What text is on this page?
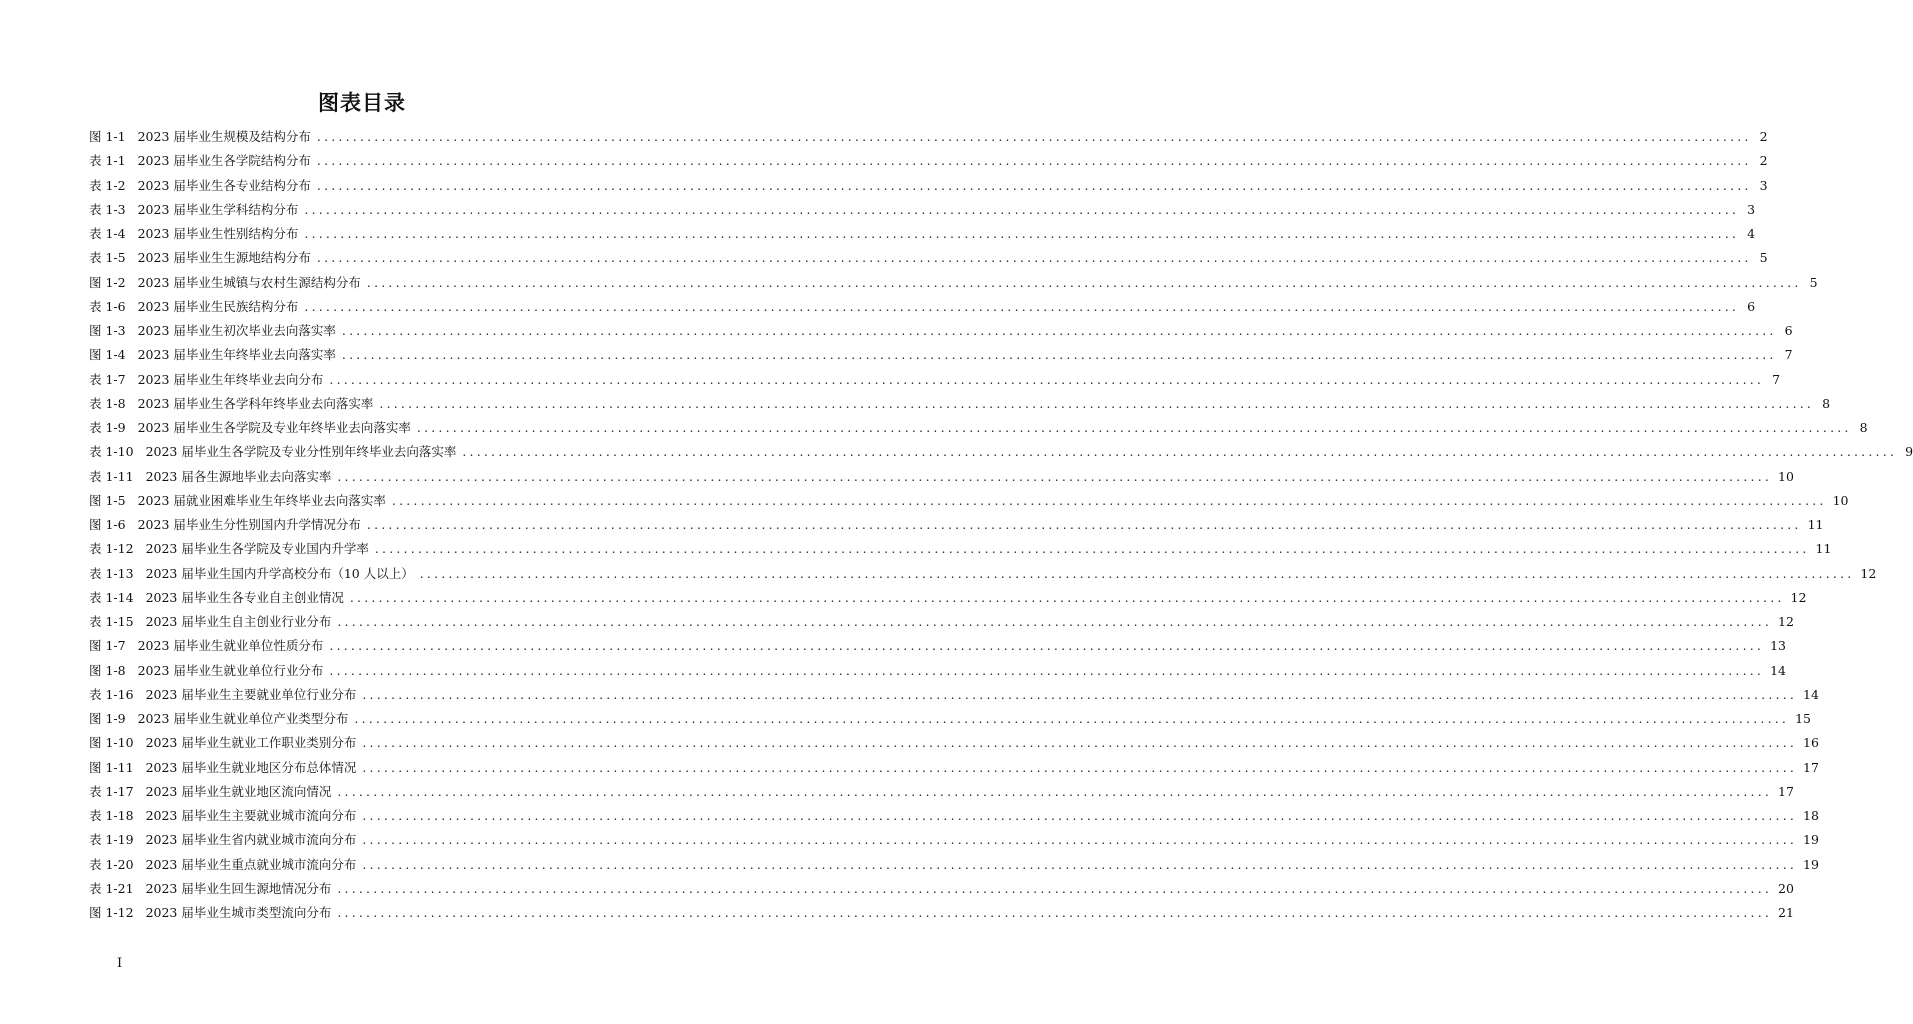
图表目录
图 1-1 2023 届毕业生规模及结构分布 ........................................................................................................................................................................................................ 2
表 1-1 2023 届毕业生各学院结构分布 ........................................................................................................................................................................................................ 2
表 1-2 2023 届毕业生各专业结构分布 ........................................................................................................................................................................................................ 3
表 1-3 2023 届毕业生学科结构分布 ........................................................................................................................................................................................................ 3
表 1-4 2023 届毕业生性别结构分布 ........................................................................................................................................................................................................ 4
表 1-5 2023 届毕业生生源地结构分布 ........................................................................................................................................................................................................ 5
图 1-2 2023 届毕业生城镇与农村生源结构分布 ........................................................................................................................................................................................................ 5
表 1-6 2023 届毕业生民族结构分布 ........................................................................................................................................................................................................ 6
图 1-3 2023 届毕业生初次毕业去向落实率 ........................................................................................................................................................................................................ 6
图 1-4 2023 届毕业生年终毕业去向落实率 ........................................................................................................................................................................................................ 7
表 1-7 2023 届毕业生年终毕业去向分布 ........................................................................................................................................................................................................ 7
表 1-8 2023 届毕业生各学科年终毕业去向落实率 ........................................................................................................................................................................................................ 8
表 1-9 2023 届毕业生各学院及专业年终毕业去向落实率 ........................................................................................................................................................................................................ 8
表 1-10 2023 届毕业生各学院及专业分性别年终毕业去向落实率 ........................................................................................................................................................................................................ 9
表 1-11 2023 届各生源地毕业去向落实率 ........................................................................................................................................................................................................ 10
图 1-5 2023 届就业困难毕业生年终毕业去向落实率 ........................................................................................................................................................................................................ 10
图 1-6 2023 届毕业生分性别国内升学情况分布 ........................................................................................................................................................................................................ 11
表 1-12 2023 届毕业生各学院及专业国内升学率 ........................................................................................................................................................................................................ 11
表 1-13 2023 届毕业生国内升学高校分布（10 人以上） ........................................................................................................................................................................................................ 12
表 1-14 2023 届毕业生各专业自主创业情况 ........................................................................................................................................................................................................ 12
表 1-15 2023 届毕业生自主创业行业分布 ........................................................................................................................................................................................................ 12
图 1-7 2023 届毕业生就业单位性质分布 ........................................................................................................................................................................................................ 13
图 1-8 2023 届毕业生就业单位行业分布 ........................................................................................................................................................................................................ 14
表 1-16 2023 届毕业生主要就业单位行业分布 ........................................................................................................................................................................................................ 14
图 1-9 2023 届毕业生就业单位产业类型分布 ........................................................................................................................................................................................................ 15
图 1-10 2023 届毕业生就业工作职业类别分布 ........................................................................................................................................................................................................ 16
图 1-11 2023 届毕业生就业地区分布总体情况 ........................................................................................................................................................................................................ 17
表 1-17 2023 届毕业生就业地区流向情况 ........................................................................................................................................................................................................ 17
表 1-18 2023 届毕业生主要就业城市流向分布 ........................................................................................................................................................................................................ 18
表 1-19 2023 届毕业生省内就业城市流向分布 ........................................................................................................................................................................................................ 19
表 1-20 2023 届毕业生重点就业城市流向分布 ........................................................................................................................................................................................................ 19
表 1-21 2023 届毕业生回生源地情况分布 ........................................................................................................................................................................................................ 20
图 1-12 2023 届毕业生城市类型流向分布 ........................................................................................................................................................................................................ 21
I
